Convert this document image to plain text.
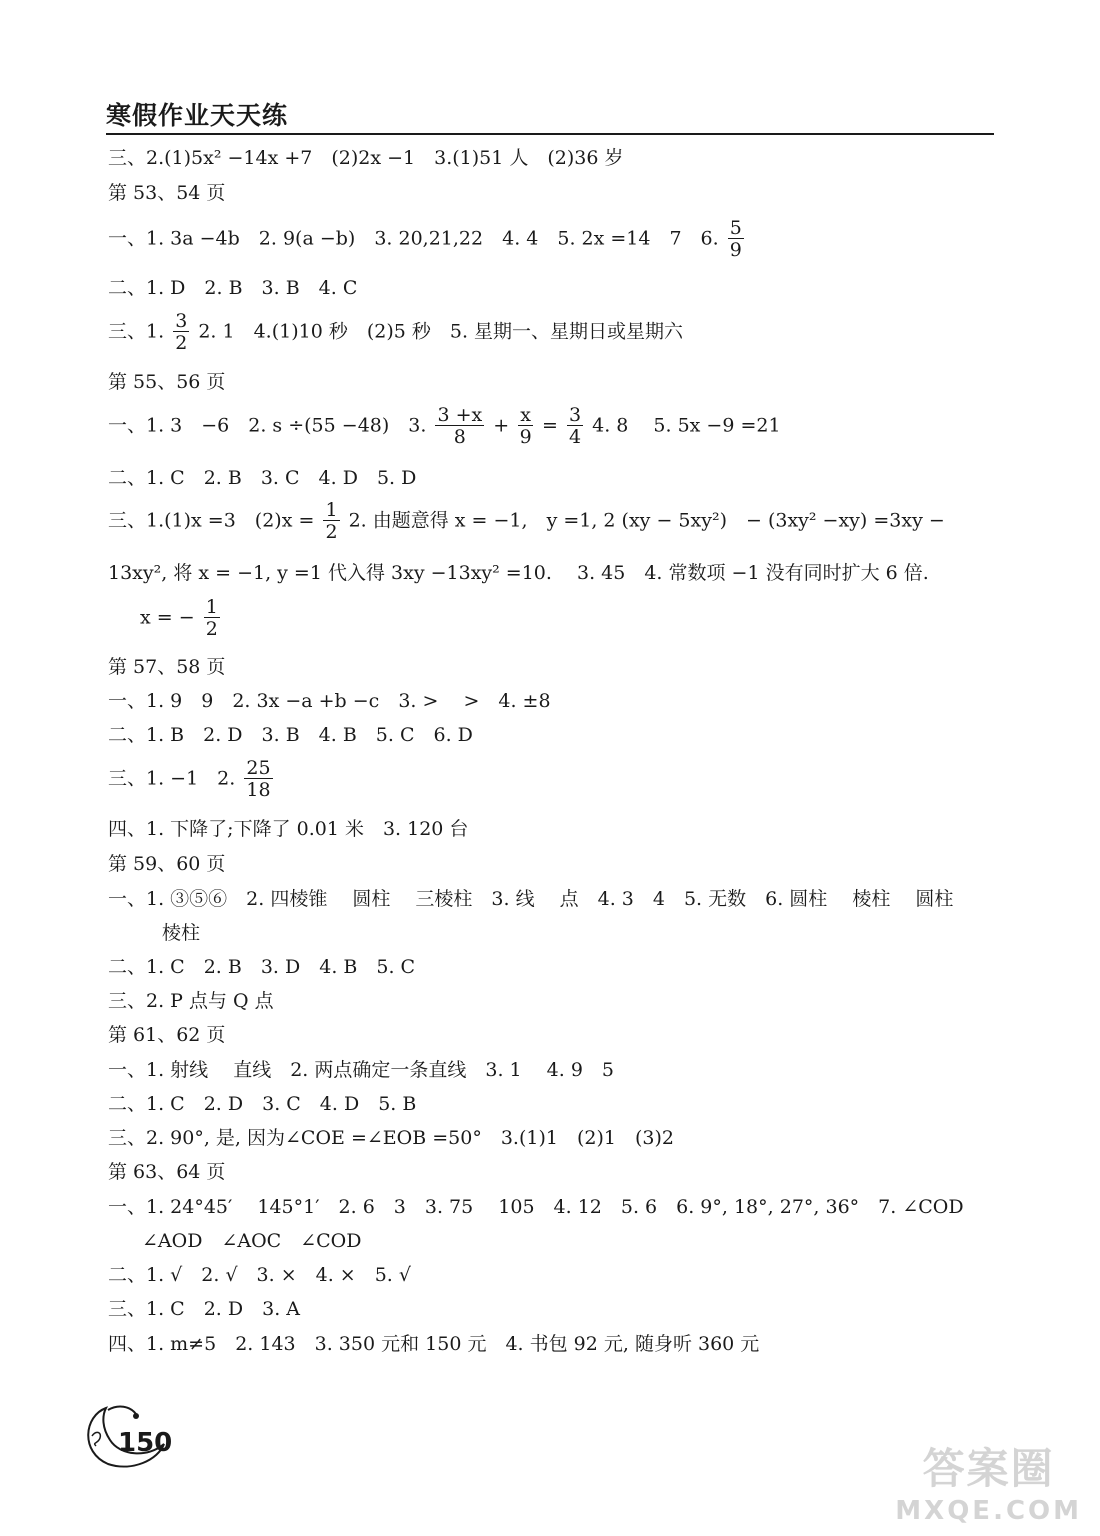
寒假作业天天练
三、2.(1)5x² −14x +7　(2)2x −1　3.(1)51 人　(2)36 岁
第 53、54 页
一、1. 3a −4b　2. 9(a −b)　3. 20,21,22　4. 4　5. 2x =14　7　6. $\frac{5}{9}$
二、1. D　2. B　3. B　4. C
三、1. $\frac{3}{2} 2$. 1　4.(1)10 秒　(2)5 秒　5. 星期一、星期日或星期六
第 55、56 页
一、1. 3　−6　2. s ÷(55 −48)　3. $\frac{3 +x}{8} + \frac{x}{9} = \frac{3}{4} 4$. 8　 5. 5x −9 =21
二、1. C　2. B　3. C　4. D　5. D
三、1.(1)x =3　$(2)x = \frac{1}{2} 2$. 由题意得 x = −1,　y =1, 2 (xy − 5xy²)　− (3xy² −xy) =3xy −
13xy², 将 x = −1, y =1 代入得 3xy −13xy² =10.　 3. 45　4. 常数项 −1 没有同时扩大 6 倍.
x = − $\frac{1}{2}$
第 57、58 页
一、1. 9　9　2. 3x −a +b −c　3. >　 >　4. ±8
二、1. B　2. D　3. B　4. B　5. C　6. D
三、1. −1　2. $\frac{25}{18}$
四、1. 下降了;下降了 0.01 米　3. 120 台
第 59、60 页
一、1. ③⑤⑥　2. 四棱锥　 圆柱　 三棱柱　3. 线　 点　4. 3　4　5. 无数　6. 圆柱　 棱柱　 圆柱
棱柱
二、1. C　2. B　3. D　4. B　5. C
三、2. P 点与 Q 点
第 61、62 页
一、1. 射线　 直线　2. 两点确定一条直线　3. 1　 4. 9　5
二、1. C　2. D　3. C　4. D　5. B
三、2. 90°, 是, 因为∠COE =∠EOB =50°　3.(1)1　(2)1　(3)2
第 63、64 页
一、1. 24°45′　 145°1′　2. 6　3　3. 75　 105　4. 12　5. 6　6. 9°, 18°, 27°, 36°　7. ∠COD
∠AOD　∠AOC　∠COD
二、1. √　2. √　3. ×　4. ×　5. √
三、1. C　2. D　3. A
四、1. m≠5　2. 143　3. 350 元和 150 元　4. 书包 92 元, 随身听 360 元
150
答案圈
MXQE.COM
